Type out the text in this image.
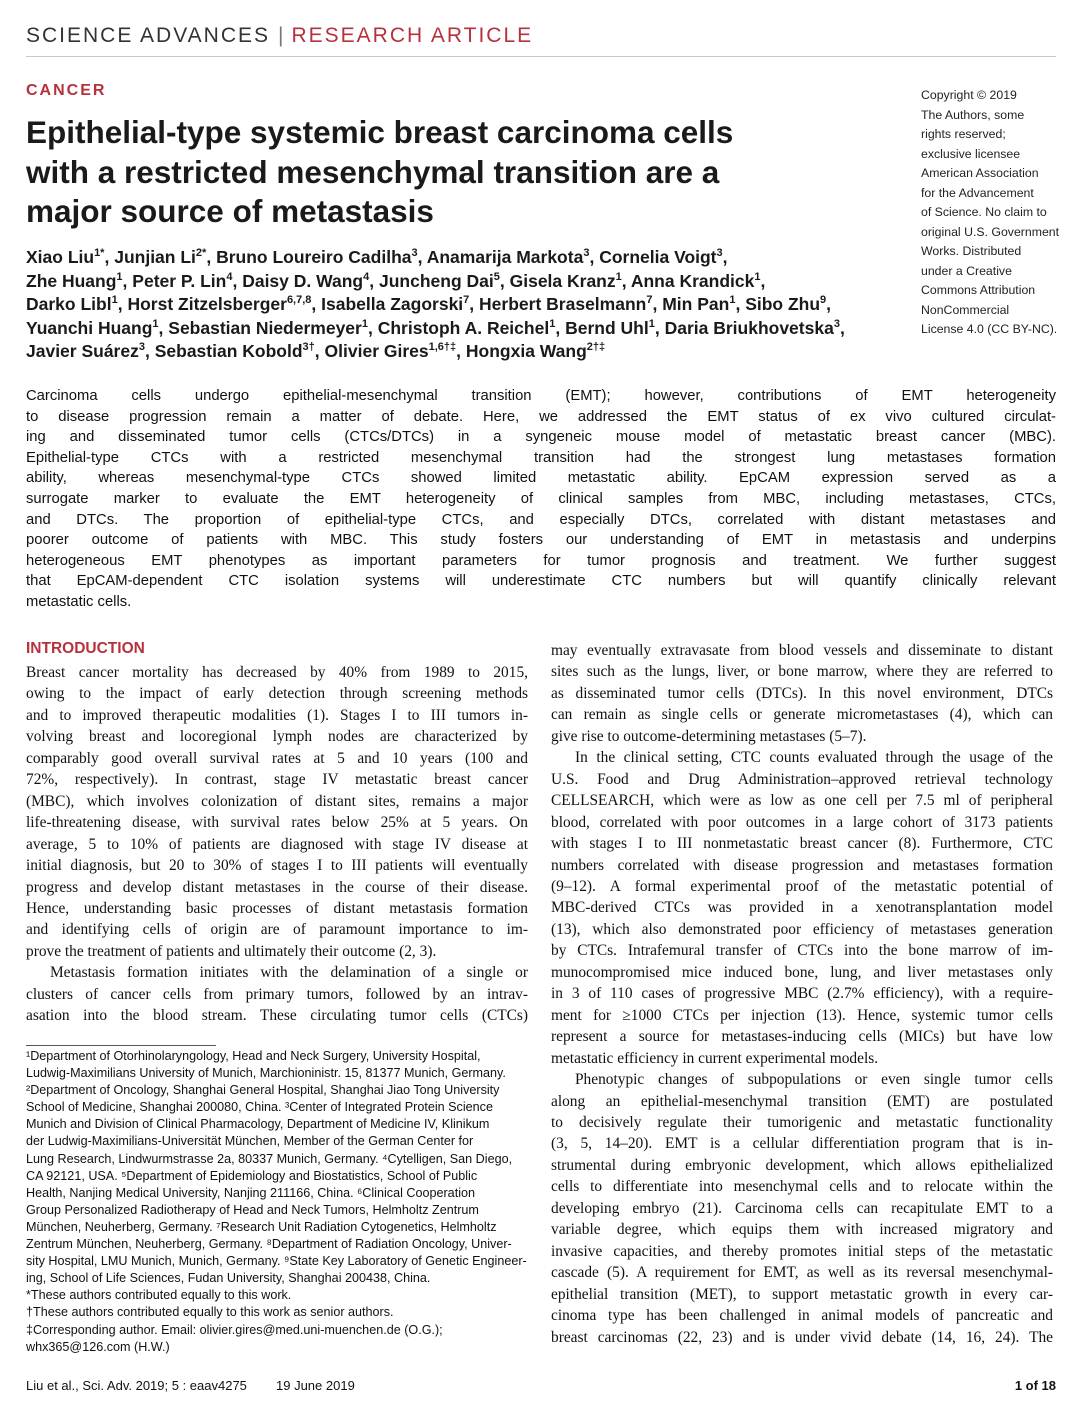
SCIENCE ADVANCES | RESEARCH ARTICLE
CANCER
Epithelial-type systemic breast carcinoma cells
with a restricted mesenchymal transition are a
major source of metastasis

Xiao Liu$^{1*}$, Junjian $Li^{2*}$, Bruno Loureiro Cadilha$^3$, Anamarija Markota$^3$, Cornelia Voigt$^3$,
Zhe Huang$^1$, Peter P. Lin$^4$, Daisy D. Wang$^4$, Juncheng Dai$^5$, Gisela Kranz$^1$, Anna Krandick$^1$,
Darko Libl$^1$, Horst Zitzelsberger$^{6,7,8}$, Isabella Zagorski$^7$, Herbert Braselmann$^7$, Min Pan$^1$, Sibo Zhu$^9$,
Yuanchi Huang$^1$, Sebastian Niedermeyer$^1$, Christoph A. Reichel$^1$, Bernd Uhl$^1$, Daria Briukhovetska$^3$,
Javier Suárez$^3$, Sebastian Kobold$^{3\dagger}$, Olivier Gires$^{1,6\dagger\ddagger}$, Hongxia Wang$^{2\dagger\ddagger}$

Copyright © 2019
The Authors, some
rights reserved;
exclusive licensee
American Association
for the Advancement
of Science. No claim to
original U.S. Government
Works. Distributed
under a Creative
Commons Attribution
NonCommercial
License 4.0 (CC BY-NC).
Carcinoma cells undergo epithelial-mesenchymal transition (EMT); however, contributions of EMT heterogeneity
to disease progression remain a matter of debate. Here, we addressed the EMT status of ex vivo cultured circulat-
ing and disseminated tumor cells (CTCs/DTCs) in a syngeneic mouse model of metastatic breast cancer (MBC).
Epithelial-type CTCs with a restricted mesenchymal transition had the strongest lung metastases formation
ability, whereas mesenchymal-type CTCs showed limited metastatic ability. EpCAM expression served as a
surrogate marker to evaluate the EMT heterogeneity of clinical samples from MBC, including metastases, CTCs,
and DTCs. The proportion of epithelial-type CTCs, and especially DTCs, correlated with distant metastases and
poorer outcome of patients with MBC. This study fosters our understanding of EMT in metastasis and underpins
heterogeneous EMT phenotypes as important parameters for tumor prognosis and treatment. We further suggest
that EpCAM-dependent CTC isolation systems will underestimate CTC numbers but will quantify clinically relevant
metastatic cells.
INTRODUCTION
Breast cancer mortality has decreased by 40% from 1989 to 2015,
owing to the impact of early detection through screening methods
and to improved therapeutic modalities (1). Stages I to III tumors in-
volving breast and locoregional lymph nodes are characterized by
comparably good overall survival rates at 5 and 10 years (100 and
72%, respectively). In contrast, stage IV metastatic breast cancer
(MBC), which involves colonization of distant sites, remains a major
life-threatening disease, with survival rates below 25% at 5 years. On
average, 5 to 10% of patients are diagnosed with stage IV disease at
initial diagnosis, but 20 to 30% of stages I to III patients will eventually
progress and develop distant metastases in the course of their disease.
Hence, understanding basic processes of distant metastasis formation
and identifying cells of origin are of paramount importance to im-
prove the treatment of patients and ultimately their outcome (2, 3).
Metastasis formation initiates with the delamination of a single or
clusters of cancer cells from primary tumors, followed by an intrav-
asation into the blood stream. These circulating tumor cells (CTCs)
¹Department of Otorhinolaryngology, Head and Neck Surgery, University Hospital,
Ludwig-Maximilians University of Munich, Marchioninistr. 15, 81377 Munich, Germany.
²Department of Oncology, Shanghai General Hospital, Shanghai Jiao Tong University
School of Medicine, Shanghai 200080, China. ³Center of Integrated Protein Science
Munich and Division of Clinical Pharmacology, Department of Medicine IV, Klinikum
der Ludwig-Maximilians-Universität München, Member of the German Center for
Lung Research, Lindwurmstrasse 2a, 80337 Munich, Germany. ⁴Cytelligen, San Diego,
CA 92121, USA. ⁵Department of Epidemiology and Biostatistics, School of Public
Health, Nanjing Medical University, Nanjing 211166, China. ⁶Clinical Cooperation
Group Personalized Radiotherapy of Head and Neck Tumors, Helmholtz Zentrum
München, Neuherberg, Germany. ⁷Research Unit Radiation Cytogenetics, Helmholtz
Zentrum München, Neuherberg, Germany. ⁸Department of Radiation Oncology, Univer-
sity Hospital, LMU Munich, Munich, Germany. ⁹State Key Laboratory of Genetic Engineer-
ing, School of Life Sciences, Fudan University, Shanghai 200438, China.
*These authors contributed equally to this work.
†These authors contributed equally to this work as senior authors.
‡Corresponding author. Email: olivier.gires@med.uni-muenchen.de (O.G.);
whx365@126.com (H.W.)
may eventually extravasate from blood vessels and disseminate to distant
sites such as the lungs, liver, or bone marrow, where they are referred to
as disseminated tumor cells (DTCs). In this novel environment, DTCs
can remain as single cells or generate micrometastases (4), which can
give rise to outcome-determining metastases (5–7).
In the clinical setting, CTC counts evaluated through the usage of the
U.S. Food and Drug Administration–approved retrieval technology
CELLSEARCH, which were as low as one cell per 7.5 ml of peripheral
blood, correlated with poor outcomes in a large cohort of 3173 patients
with stages I to III nonmetastatic breast cancer (8). Furthermore, CTC
numbers correlated with disease progression and metastases formation
(9–12). A formal experimental proof of the metastatic potential of
MBC-derived CTCs was provided in a xenotransplantation model
(13), which also demonstrated poor efficiency of metastases generation
by CTCs. Intrafemural transfer of CTCs into the bone marrow of im-
munocompromised mice induced bone, lung, and liver metastases only
in 3 of 110 cases of progressive MBC (2.7% efficiency), with a require-
ment for ≥1000 CTCs per injection (13). Hence, systemic tumor cells
represent a source for metastases-inducing cells (MICs) but have low
metastatic efficiency in current experimental models.
Phenotypic changes of subpopulations or even single tumor cells
along an epithelial-mesenchymal transition (EMT) are postulated
to decisively regulate their tumorigenic and metastatic functionality
(3, 5, 14–20). EMT is a cellular differentiation program that is in-
strumental during embryonic development, which allows epithelialized
cells to differentiate into mesenchymal cells and to relocate within the
developing embryo (21). Carcinoma cells can recapitulate EMT to a
variable degree, which equips them with increased migratory and
invasive capacities, and thereby promotes initial steps of the metastatic
cascade (5). A requirement for EMT, as well as its reversal mesenchymal-
epithelial transition (MET), to support metastatic growth in every car-
cinoma type has been challenged in animal models of pancreatic and
breast carcinomas (22, 23) and is under vivid debate (14, 16, 24). The
Liu et al., Sci. Adv. 2019; 5 : eaav4275 19 June 2019	1 of 18
